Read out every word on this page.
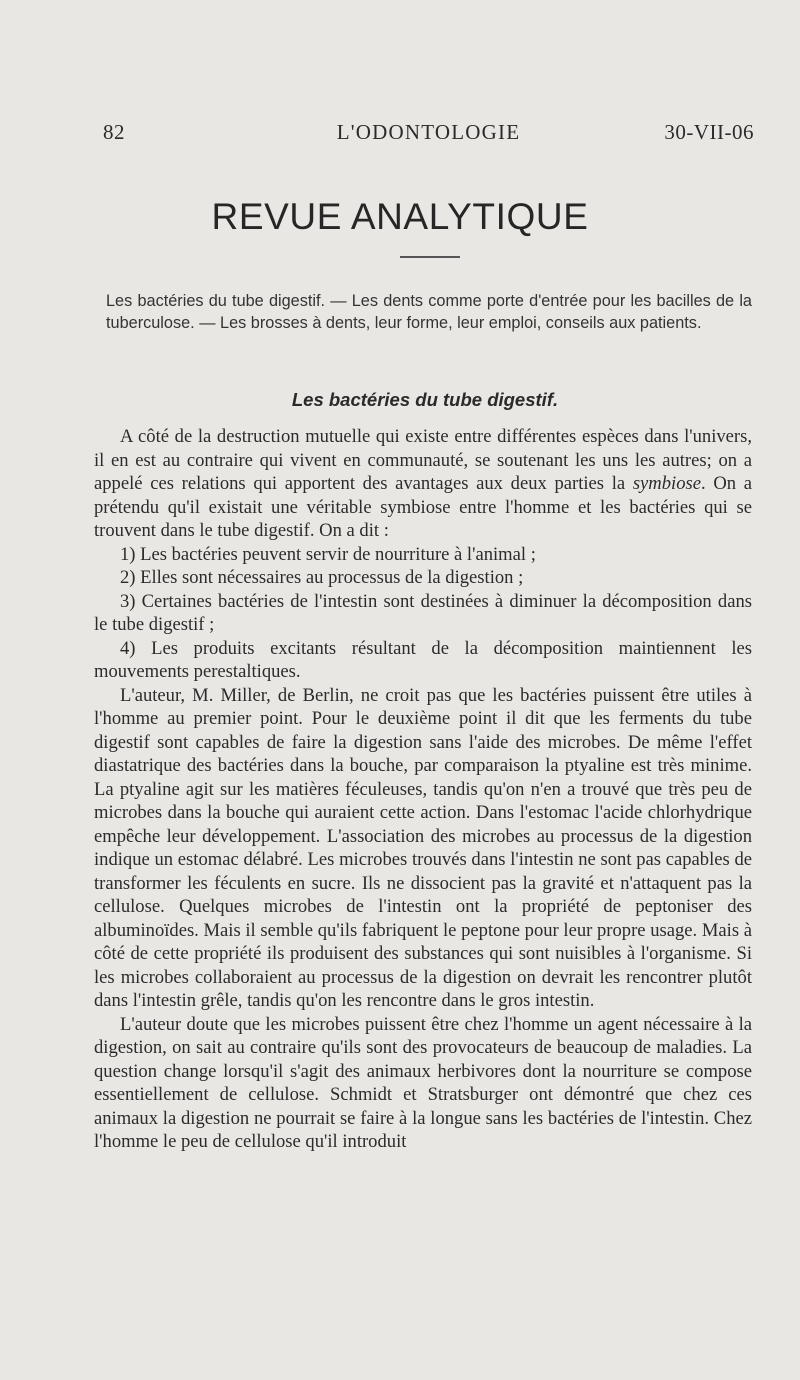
82	L'ODONTOLOGIE	30-VII-06
REVUE ANALYTIQUE
Les bactéries du tube digestif. — Les dents comme porte d'entrée pour les bacilles de la tuberculose. — Les brosses à dents, leur forme, leur emploi, conseils aux patients.
Les bactéries du tube digestif.

A côté de la destruction mutuelle qui existe entre différentes espèces dans l'univers, il en est au contraire qui vivent en communauté, se soutenant les uns les autres; on a appelé ces relations qui apportent des avantages aux deux parties la symbiose. On a prétendu qu'il existait une véritable symbiose entre l'homme et les bactéries qui se trouvent dans le tube digestif. On a dit :

1) Les bactéries peuvent servir de nourriture à l'animal ;

2) Elles sont nécessaires au processus de la digestion ;

3) Certaines bactéries de l'intestin sont destinées à diminuer la décomposition dans le tube digestif ;

4) Les produits excitants résultant de la décomposition maintiennent les mouvements perestaltiques.

L'auteur, M. Miller, de Berlin, ne croit pas que les bactéries puissent être utiles à l'homme au premier point. Pour le deuxième point il dit que les ferments du tube digestif sont capables de faire la digestion sans l'aide des microbes. De même l'effet diastatrique des bactéries dans la bouche, par comparaison la ptyaline est très minime. La ptyaline agit sur les matières féculeuses, tandis qu'on n'en a trouvé que très peu de microbes dans la bouche qui auraient cette action. Dans l'estomac l'acide chlorhydrique empêche leur développement. L'association des microbes au processus de la digestion indique un estomac délabré. Les microbes trouvés dans l'intestin ne sont pas capables de transformer les féculents en sucre. Ils ne dissocient pas la gravité et n'attaquent pas la cellulose. Quelques microbes de l'intestin ont la propriété de peptoniser des albuminoïdes. Mais il semble qu'ils fabriquent le peptone pour leur propre usage. Mais à côté de cette propriété ils produisent des substances qui sont nuisibles à l'organisme. Si les microbes collaboraient au processus de la digestion on devrait les rencontrer plutôt dans l'intestin grêle, tandis qu'on les rencontre dans le gros intestin.

L'auteur doute que les microbes puissent être chez l'homme un agent nécessaire à la digestion, on sait au contraire qu'ils sont des provocateurs de beaucoup de maladies. La question change lorsqu'il s'agit des animaux herbivores dont la nourriture se compose essentiellement de cellulose. Schmidt et Stratsburger ont démontré que chez ces animaux la digestion ne pourrait se faire à la longue sans les bactéries de l'intestin. Chez l'homme le peu de cellulose qu'il introduit
